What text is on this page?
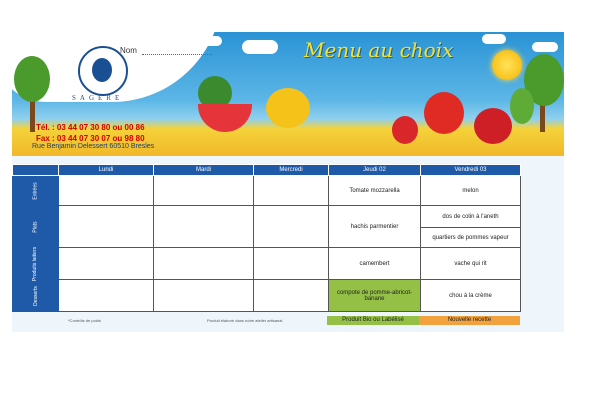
SAGERE
Nom	Menu au choix
Tél. : 03 44 07 30 80 ou 00 86
Fax : 03 44 07 30 07 ou 98 80
Rue Benjamin Delessert 60510 Bresles
	Lundi	Mardi	Mercredi	Jeudi 02	Vendredi 03
Entrées				Tomate mozzarella	melon
Plats				hachis parmentier	dos de colin à l'aneth
					quartiers de pommes vapeur
Produits laitiers				camembert	vache qui rit
Desserts				compote de pomme-abricot-banane	chou à la crème
*Contrôle de poids	Produit élaboré dans notre atelier artisanal	Produit Bio ou Labélisé	Nouvelle recette
